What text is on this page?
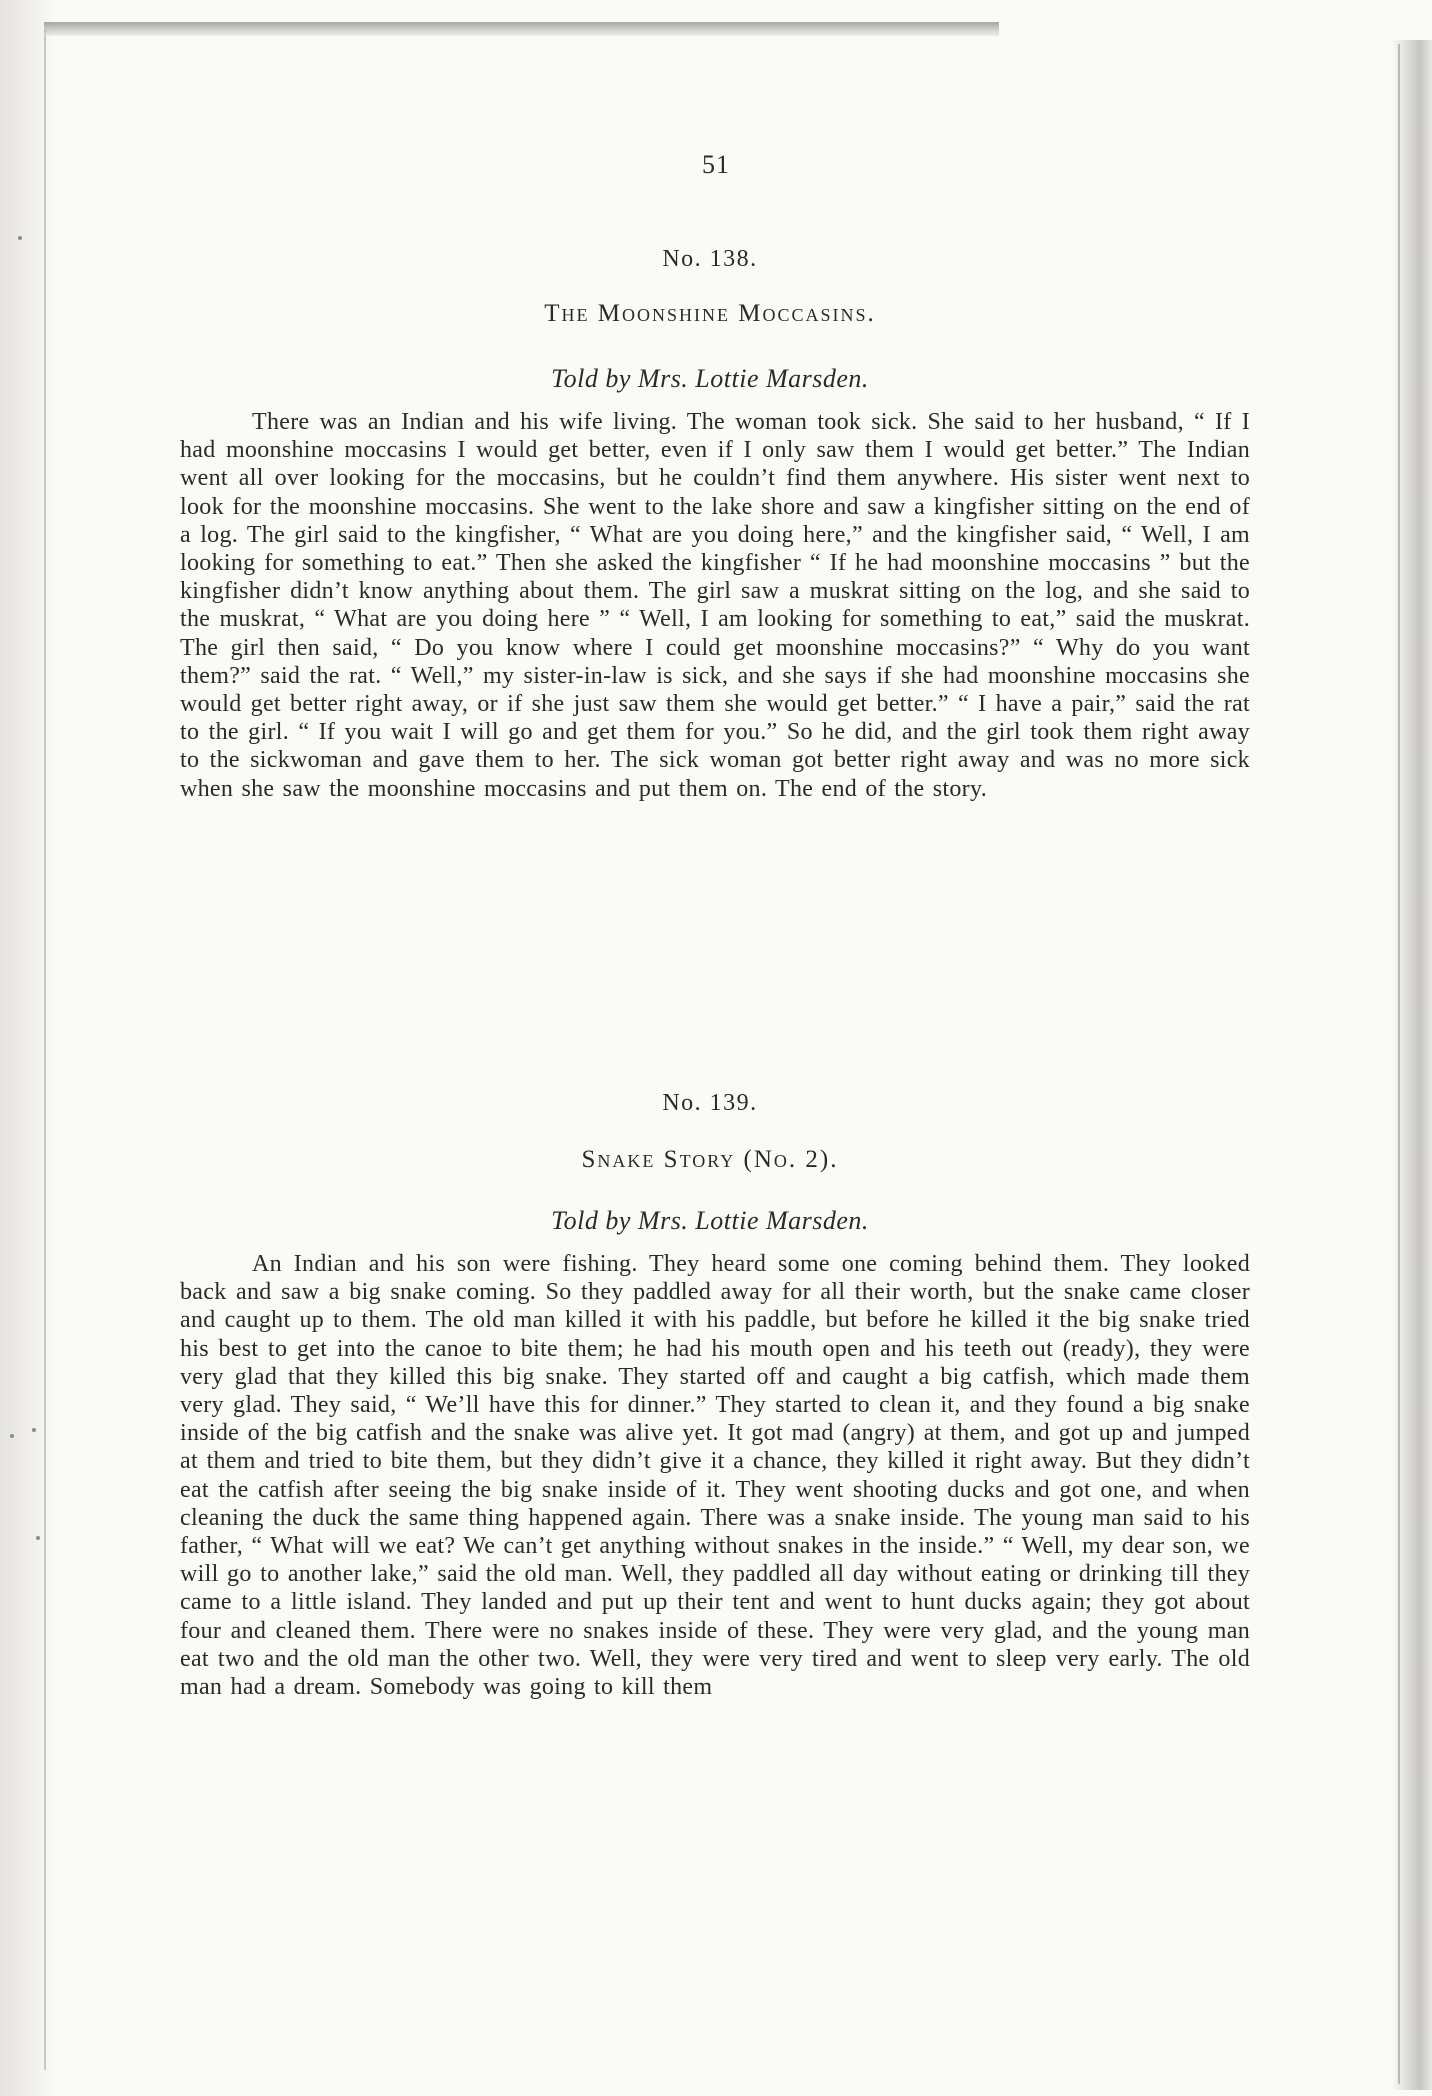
51
No. 138.
The Moonshine Moccasins.
Told by Mrs. Lottie Marsden.

There was an Indian and his wife living. The woman took sick. She said to her husband, “ If I had moonshine moccasins I would get better, even if I only saw them I would get better.” The Indian went all over looking for the moccasins, but he couldn’t find them anywhere. His sister went next to look for the moonshine moccasins. She went to the lake shore and saw a kingfisher sitting on the end of a log. The girl said to the kingfisher, “ What are you doing here,” and the kingfisher said, “ Well, I am looking for something to eat.” Then she asked the kingfisher “ If he had moonshine moccasins ” but the kingfisher didn’t know anything about them. The girl saw a muskrat sitting on the log, and she said to the muskrat, “ What are you doing here ” “ Well, I am looking for something to eat,” said the muskrat. The girl then said, “ Do you know where I could get moonshine moccasins?” “ Why do you want them?” said the rat. “ Well,” my sister-in-law is sick, and she says if she had moonshine moccasins she would get better right away, or if she just saw them she would get better.” “ I have a pair,” said the rat to the girl. “ If you wait I will go and get them for you.” So he did, and the girl took them right away to the sickwoman and gave them to her. The sick woman got better right away and was no more sick when she saw the moonshine moccasins and put them on. The end of the story.

No. 139.
Snake Story (No. 2).
Told by Mrs. Lottie Marsden.

An Indian and his son were fishing. They heard some one coming behind them. They looked back and saw a big snake coming. So they paddled away for all their worth, but the snake came closer and caught up to them. The old man killed it with his paddle, but before he killed it the big snake tried his best to get into the canoe to bite them; he had his mouth open and his teeth out (ready), they were very glad that they killed this big snake. They started off and caught a big catfish, which made them very glad. They said, “ We’ll have this for dinner.” They started to clean it, and they found a big snake inside of the big catfish and the snake was alive yet. It got mad (angry) at them, and got up and jumped at them and tried to bite them, but they didn’t give it a chance, they killed it right away. But they didn’t eat the catfish after seeing the big snake inside of it. They went shooting ducks and got one, and when cleaning the duck the same thing happened again. There was a snake inside. The young man said to his father, “ What will we eat? We can’t get anything without snakes in the inside.” “ Well, my dear son, we will go to another lake,” said the old man. Well, they paddled all day without eating or drinking till they came to a little island. They landed and put up their tent and went to hunt ducks again; they got about four and cleaned them. There were no snakes inside of these. They were very glad, and the young man eat two and the old man the other two. Well, they were very tired and went to sleep very early. The old man had a dream. Somebody was going to kill them
